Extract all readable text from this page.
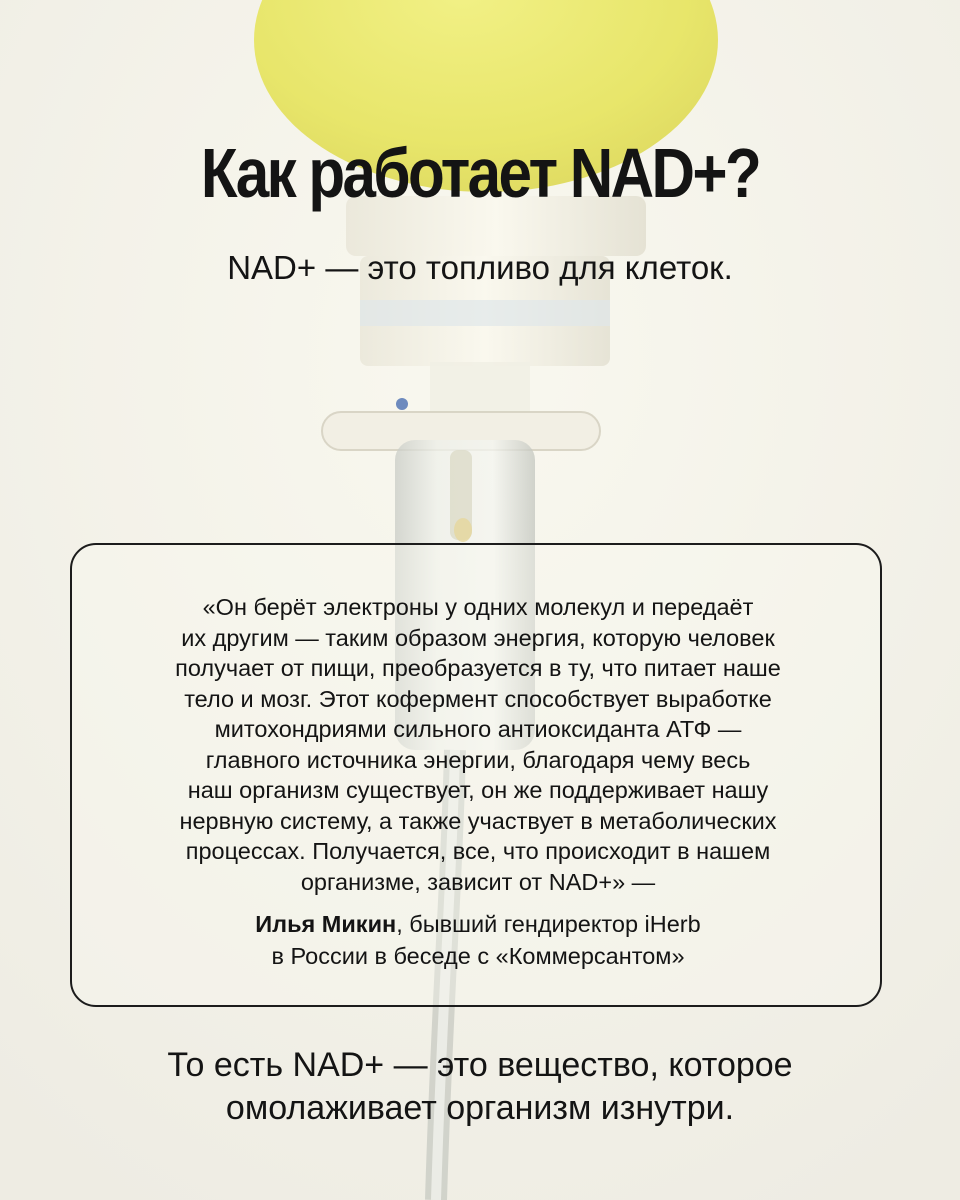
Как работает NAD+?

NAD+ — это топливо для клеток.

«Он берёт электроны у одних молекул и передаёт
их другим — таким образом энергия, которую человек
получает от пищи, преобразуется в ту, что питает наше
тело и мозг. Этот кофермент способствует выработке
митохондриями сильного антиоксиданта АТФ —
главного источника энергии, благодаря чему весь
наш организм существует, он же поддерживает нашу
нервную систему, а также участвует в метаболических
процессах. Получается, все, что происходит в нашем
организме, зависит от NAD+» —

Илья Микин, бывший гендиректор iHerb
в России в беседе с «Коммерсантом»

То есть NAD+ — это вещество, которое
омолаживает организм изнутри.
